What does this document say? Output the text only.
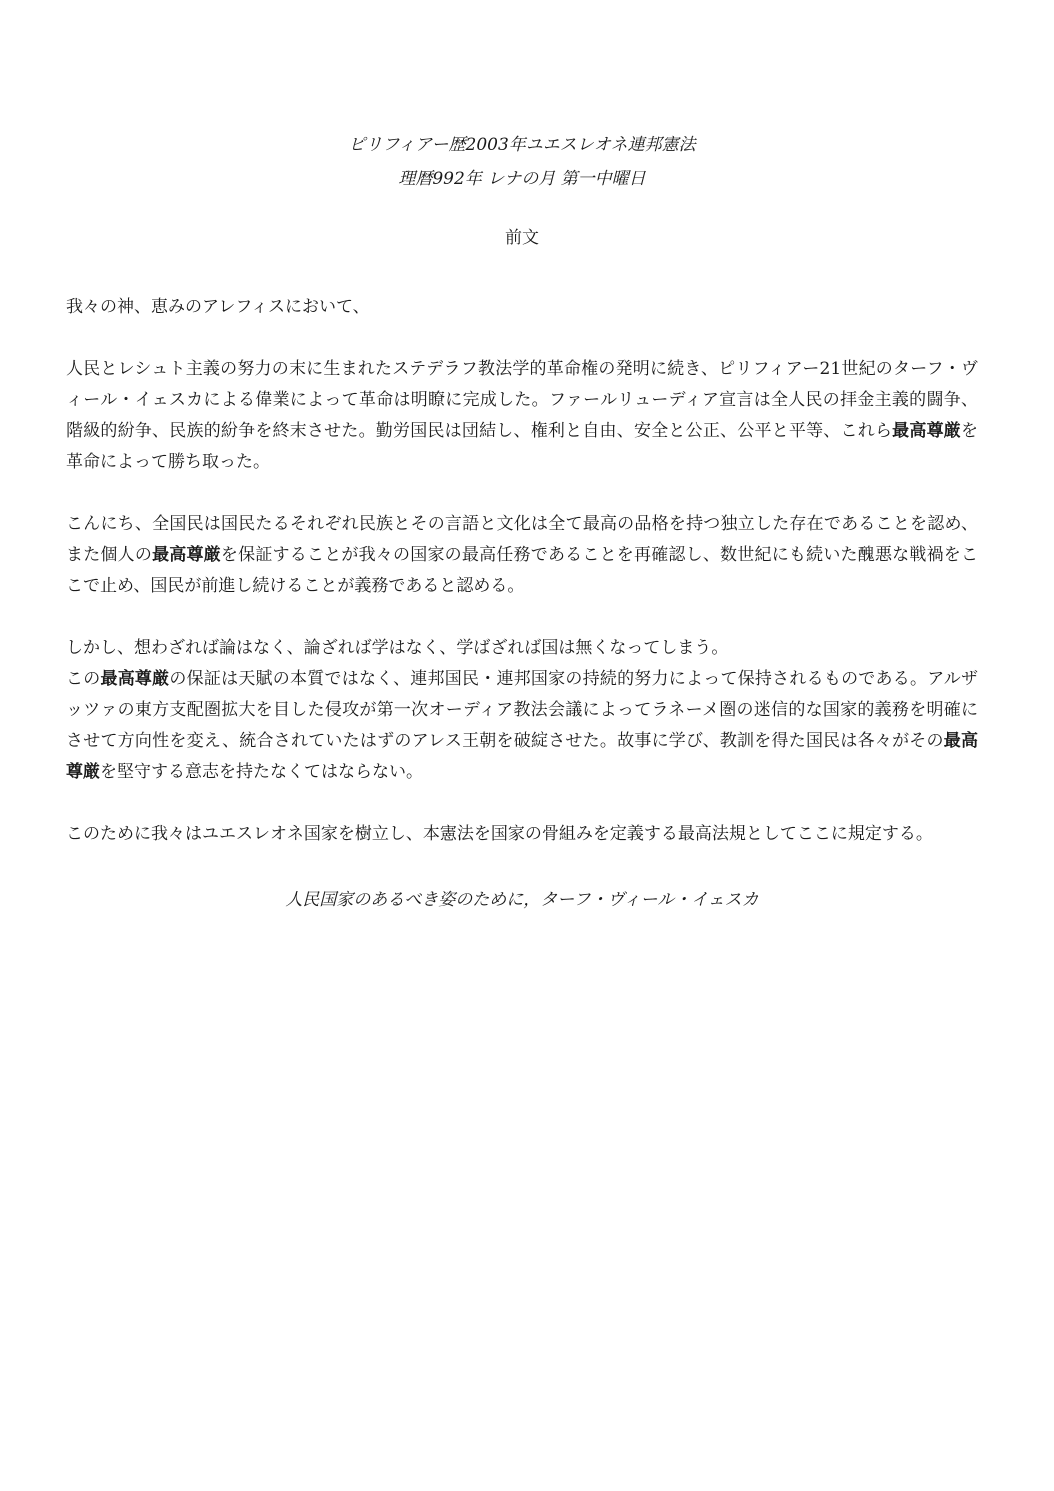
ピリフィアー歴2003年ユエスレオネ連邦憲法

理暦992年 レナの月 第一中曜日

前文

我々の神、恵みのアレフィスにおいて、

人民とレシュト主義の努力の末に生まれたステデラフ教法学的革命権の発明に続き、ピリフィアー21世紀のターフ・ヴィール・イェスカによる偉業によって革命は明瞭に完成した。ファールリューディア宣言は全人民の拝金主義的闘争、階級的紛争、民族的紛争を終末させた。勤労国民は団結し、権利と自由、安全と公正、公平と平等、これら最高尊厳を革命によって勝ち取った。

こんにち、全国民は国民たるそれぞれ民族とその言語と文化は全て最高の品格を持つ独立した存在であることを認め、また個人の最高尊厳を保証することが我々の国家の最高任務であることを再確認し、数世紀にも続いた醜悪な戦禍をここで止め、国民が前進し続けることが義務であると認める。

しかし、想わざれば論はなく、論ざれば学はなく、学ばざれば国は無くなってしまう。

この最高尊厳の保証は天賦の本質ではなく、連邦国民・連邦国家の持続的努力によって保持されるものである。アルザッツァの東方支配圏拡大を目した侵攻が第一次オーディア教法会議によってラネーメ圏の迷信的な国家的義務を明確にさせて方向性を変え、統合されていたはずのアレス王朝を破綻させた。故事に学び、教訓を得た国民は各々がその最高尊厳を堅守する意志を持たなくてはならない。

このために我々はユエスレオネ国家を樹立し、本憲法を国家の骨組みを定義する最高法規としてここに規定する。

人民国家のあるべき姿のために，ターフ・ヴィール・イェスカ
